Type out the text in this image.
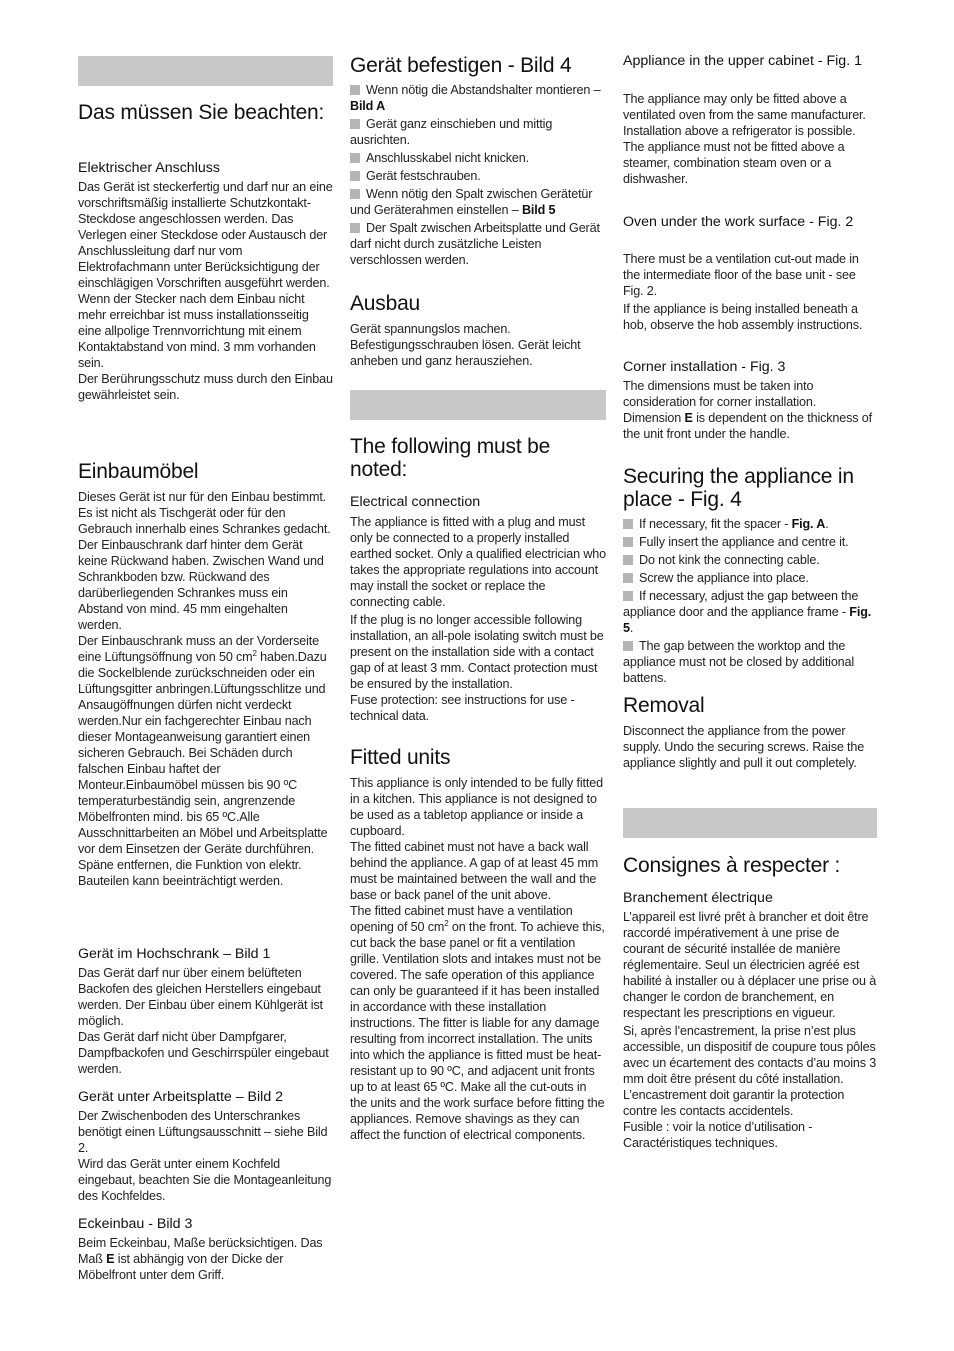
Das müssen Sie beachten:
Elektrischer Anschluss

Das Gerät ist steckerfertig und darf nur an eine vorschriftsmäßig installierte Schutzkontakt-Steckdose angeschlossen werden. Das Verlegen einer Steckdose oder Austausch der Anschlussleitung darf nur vom Elektrofachmann unter Berücksichtigung der einschlägigen Vorschriften ausgeführt werden.

Wenn der Stecker nach dem Einbau nicht mehr erreichbar ist muss installationsseitig eine allpolige Trennvorrichtung mit einem Kontaktabstand von mind. 3 mm vorhanden sein.

Der Berührungsschutz muss durch den Einbau gewährleistet sein.

Einbaumöbel

Dieses Gerät ist nur für den Einbau bestimmt. Es ist nicht als Tischgerät oder für den Gebrauch innerhalb eines Schrankes gedacht.

Der Einbauschrank darf hinter dem Gerät keine Rückwand haben. Zwischen Wand und Schrankboden bzw. Rückwand des darüberliegenden Schrankes muss ein Abstand von mind. 45 mm eingehalten werden.

Der Einbauschrank muss an der Vorderseite eine Lüftungsöffnung von 50 $cm^2$ haben.Dazu die Sockelblende zurückschneiden oder ein Lüftungsgitter anbringen.Lüftungsschlitze und Ansaugöffnungen dürfen nicht verdeckt werden.Nur ein fachgerechter Einbau nach dieser Montageanweisung garantiert einen sicheren Gebrauch. Bei Schäden durch falschen Einbau haftet der Monteur.Einbaumöbel müssen bis 90 ºC temperaturbeständig sein, angrenzende Möbelfronten mind. bis 65 ºC.Alle Ausschnittarbeiten an Möbel und Arbeitsplatte vor dem Einsetzen der Geräte durchführen. Späne entfernen, die Funktion von elektr. Bauteilen kann beeinträchtigt werden.

Gerät im Hochschrank – Bild 1

Das Gerät darf nur über einem belüfteten Backofen des gleichen Herstellers eingebaut werden. Der Einbau über einem Kühlgerät ist möglich.

Das Gerät darf nicht über Dampfgarer, Dampfbackofen und Geschirrspüler eingebaut werden.

Gerät unter Arbeitsplatte – Bild 2

Der Zwischenboden des Unterschrankes benötigt einen Lüftungsausschnitt – siehe Bild 2.

Wird das Gerät unter einem Kochfeld eingebaut, beachten Sie die Montageanleitung des Kochfeldes.

Eckeinbau - Bild 3

Beim Eckeinbau, Maße berücksichtigen. Das Maß E ist abhängig von der Dicke der Möbelfront unter dem Griff.

Gerät befestigen - Bild 4

Wenn nötig die Abstandshalter montieren – Bild A

Gerät ganz einschieben und mittig ausrichten.

Anschlusskabel nicht knicken.

Gerät festschrauben.

Wenn nötig den Spalt zwischen Gerätetür und Geräterahmen einstellen – Bild 5

Der Spalt zwischen Arbeitsplatte und Gerät darf nicht durch zusätzliche Leisten verschlossen werden.

Ausbau

Gerät spannungslos machen. Befestigungsschrauben lösen. Gerät leicht anheben und ganz herausziehen.

The following must be noted:
Electrical connection

The appliance is fitted with a plug and must only be connected to a properly installed earthed socket. Only a qualified electrician who takes the appropriate regulations into account may install the socket or replace the connecting cable.

If the plug is no longer accessible following installation, an all-pole isolating switch must be present on the installation side with a contact gap of at least 3 mm. Contact protection must be ensured by the installation.

Fuse protection: see instructions for use - technical data.

Fitted units

This appliance is only intended to be fully fitted in a kitchen. This appliance is not designed to be used as a tabletop appliance or inside a cupboard.

The fitted cabinet must not have a back wall behind the appliance. A gap of at least 45 mm must be maintained between the wall and the base or back panel of the unit above.

The fitted cabinet must have a ventilation opening of 50 $cm^2$ on the front. To achieve this, cut back the base panel or fit a ventilation grille. Ventilation slots and intakes must not be covered. The safe operation of this appliance can only be guaranteed if it has been installed in accordance with these installation instructions. The fitter is liable for any damage resulting from incorrect installation. The units into which the appliance is fitted must be heat-resistant up to 90 ºC, and adjacent unit fronts up to at least 65 ºC. Make all the cut-outs in the units and the work surface before fitting the appliances. Remove shavings as they can affect the function of electrical components.

Appliance in the upper cabinet - Fig. 1

The appliance may only be fitted above a ventilated oven from the same manufacturer. Installation above a refrigerator is possible.

The appliance must not be fitted above a steamer, combination steam oven or a dishwasher.

Oven under the work surface - Fig. 2

There must be a ventilation cut-out made in the intermediate floor of the base unit - see Fig. 2.

If the appliance is being installed beneath a hob, observe the hob assembly instructions.

Corner installation - Fig. 3

The dimensions must be taken into consideration for corner installation. Dimension E is dependent on the thickness of the unit front under the handle.

Securing the appliance in place - Fig. 4

If necessary, fit the spacer - Fig. A.

Fully insert the appliance and centre it.

Do not kink the connecting cable.

Screw the appliance into place.

If necessary, adjust the gap between the appliance door and the appliance frame - Fig. 5.

The gap between the worktop and the appliance must not be closed by additional battens.

Removal

Disconnect the appliance from the power supply. Undo the securing screws. Raise the appliance slightly and pull it out completely.

Consignes à respecter :
Branchement électrique

L’appareil est livré prêt à brancher et doit être raccordé impérativement à une prise de courant de sécurité installée de manière réglementaire. Seul un électricien agréé est habilité à installer ou à déplacer une prise ou à changer le cordon de branchement, en respectant les prescriptions en vigueur.

Si, après l’encastrement, la prise n’est plus accessible, un dispositif de coupure tous pôles avec un écartement des contacts d’au moins 3 mm doit être présent du côté installation.

L’encastrement doit garantir la protection contre les contacts accidentels.

Fusible : voir la notice d’utilisation - Caractéristiques techniques.
